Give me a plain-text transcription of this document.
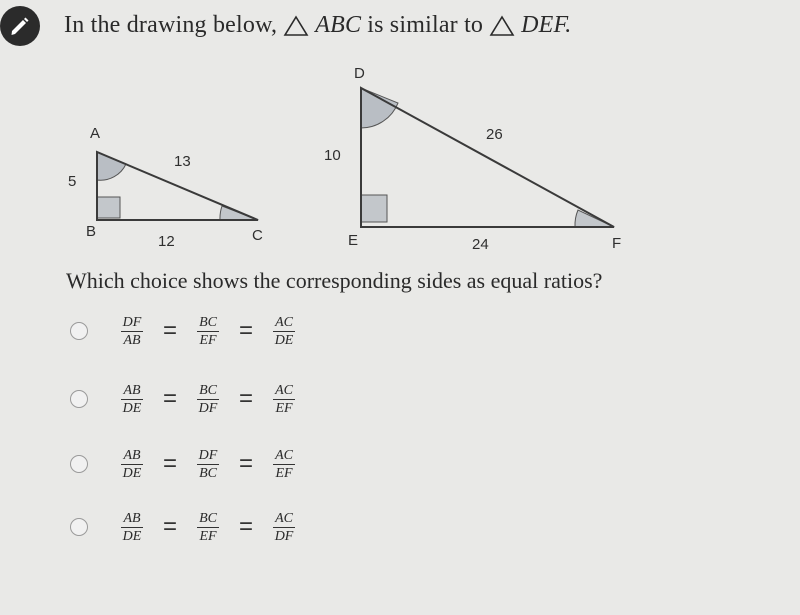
In the drawing below, ABC is similar to DEF.
A
B	C
5
13
12
D
E	F
10
26
24
Which choice shows the corresponding sides as equal ratios?
$\frac{DF}{AB} = \frac{BC}{EF} = \frac{AC}{DE}$
$\frac{AB}{DE} = \frac{BC}{DF} = \frac{AC}{EF}$
$\frac{AB}{DE} = \frac{DF}{BC} = \frac{AC}{EF}$
$\frac{AB}{DE} = \frac{BC}{EF} = \frac{AC}{DF}$
